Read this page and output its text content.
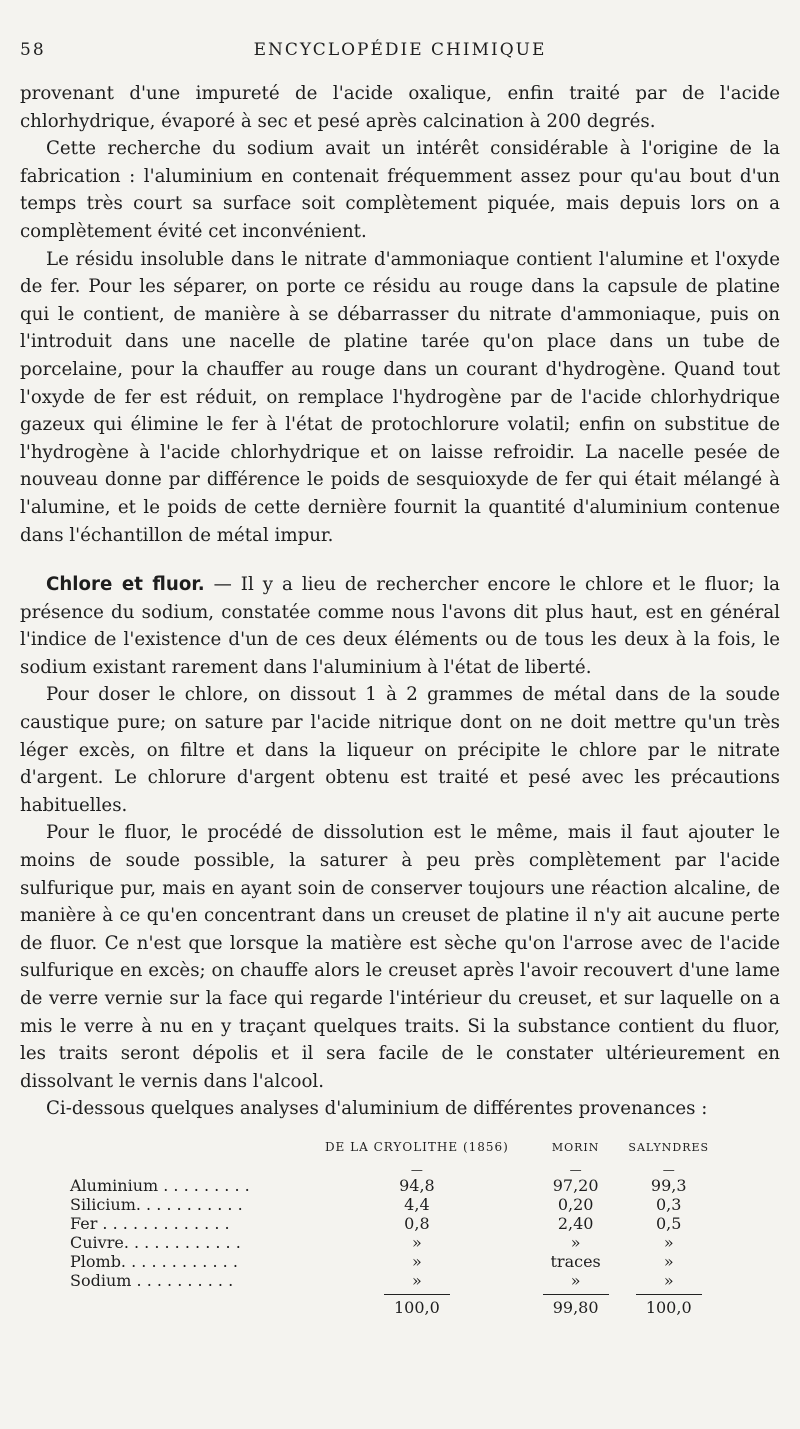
58	ENCYCLOPÉDIE CHIMIQUE

provenant d'une impureté de l'acide oxalique, enfin traité par de l'acide chlorhydrique, évaporé à sec et pesé après calcination à 200 degrés.

Cette recherche du sodium avait un intérêt considérable à l'origine de la fabrication : l'aluminium en contenait fréquemment assez pour qu'au bout d'un temps très court sa surface soit complètement piquée, mais depuis lors on a complètement évité cet inconvénient.

Le résidu insoluble dans le nitrate d'ammoniaque contient l'alumine et l'oxyde de fer. Pour les séparer, on porte ce résidu au rouge dans la capsule de platine qui le contient, de manière à se débarrasser du nitrate d'ammoniaque, puis on l'introduit dans une nacelle de platine tarée qu'on place dans un tube de porcelaine, pour la chauffer au rouge dans un courant d'hydrogène. Quand tout l'oxyde de fer est réduit, on remplace l'hydrogène par de l'acide chlorhydrique gazeux qui élimine le fer à l'état de protochlorure volatil; enfin on substitue de l'hydrogène à l'acide chlorhydrique et on laisse refroidir. La nacelle pesée de nouveau donne par différence le poids de sesquioxyde de fer qui était mélangé à l'alumine, et le poids de cette dernière fournit la quantité d'aluminium contenue dans l'échantillon de métal impur.

Chlore et fluor. — Il y a lieu de rechercher encore le chlore et le fluor; la présence du sodium, constatée comme nous l'avons dit plus haut, est en général l'indice de l'existence d'un de ces deux éléments ou de tous les deux à la fois, le sodium existant rarement dans l'aluminium à l'état de liberté.

Pour doser le chlore, on dissout 1 à 2 grammes de métal dans de la soude caustique pure; on sature par l'acide nitrique dont on ne doit mettre qu'un très léger excès, on filtre et dans la liqueur on précipite le chlore par le nitrate d'argent. Le chlorure d'argent obtenu est traité et pesé avec les précautions habituelles.

Pour le fluor, le procédé de dissolution est le même, mais il faut ajouter le moins de soude possible, la saturer à peu près complètement par l'acide sulfurique pur, mais en ayant soin de conserver toujours une réaction alcaline, de manière à ce qu'en concentrant dans un creuset de platine il n'y ait aucune perte de fluor. Ce n'est que lorsque la matière est sèche qu'on l'arrose avec de l'acide sulfurique en excès; on chauffe alors le creuset après l'avoir recouvert d'une lame de verre vernie sur la face qui regarde l'intérieur du creuset, et sur laquelle on a mis le verre à nu en y traçant quelques traits. Si la substance contient du fluor, les traits seront dépolis et il sera facile de le constater ultérieurement en dissolvant le vernis dans l'alcool.

Ci-dessous quelques analyses d'aluminium de différentes provenances :

	DE LA CRYOLITHE (1856)	MORIN	SALYNDRES
	—	—	—
Aluminium . . . . . . . . .	94,8	97,20	99,3
Silicium. . . . . . . . . . .	4,4	0,20	0,3
Fer . . . . . . . . . . . . .	0,8	2,40	0,5
Cuivre. . . . . . . . . . . .	»	»	»
Plomb. . . . . . . . . . . .	»	traces	»
Sodium . . . . . . . . . .	»	»	»
	100,0	99,80	100,0
